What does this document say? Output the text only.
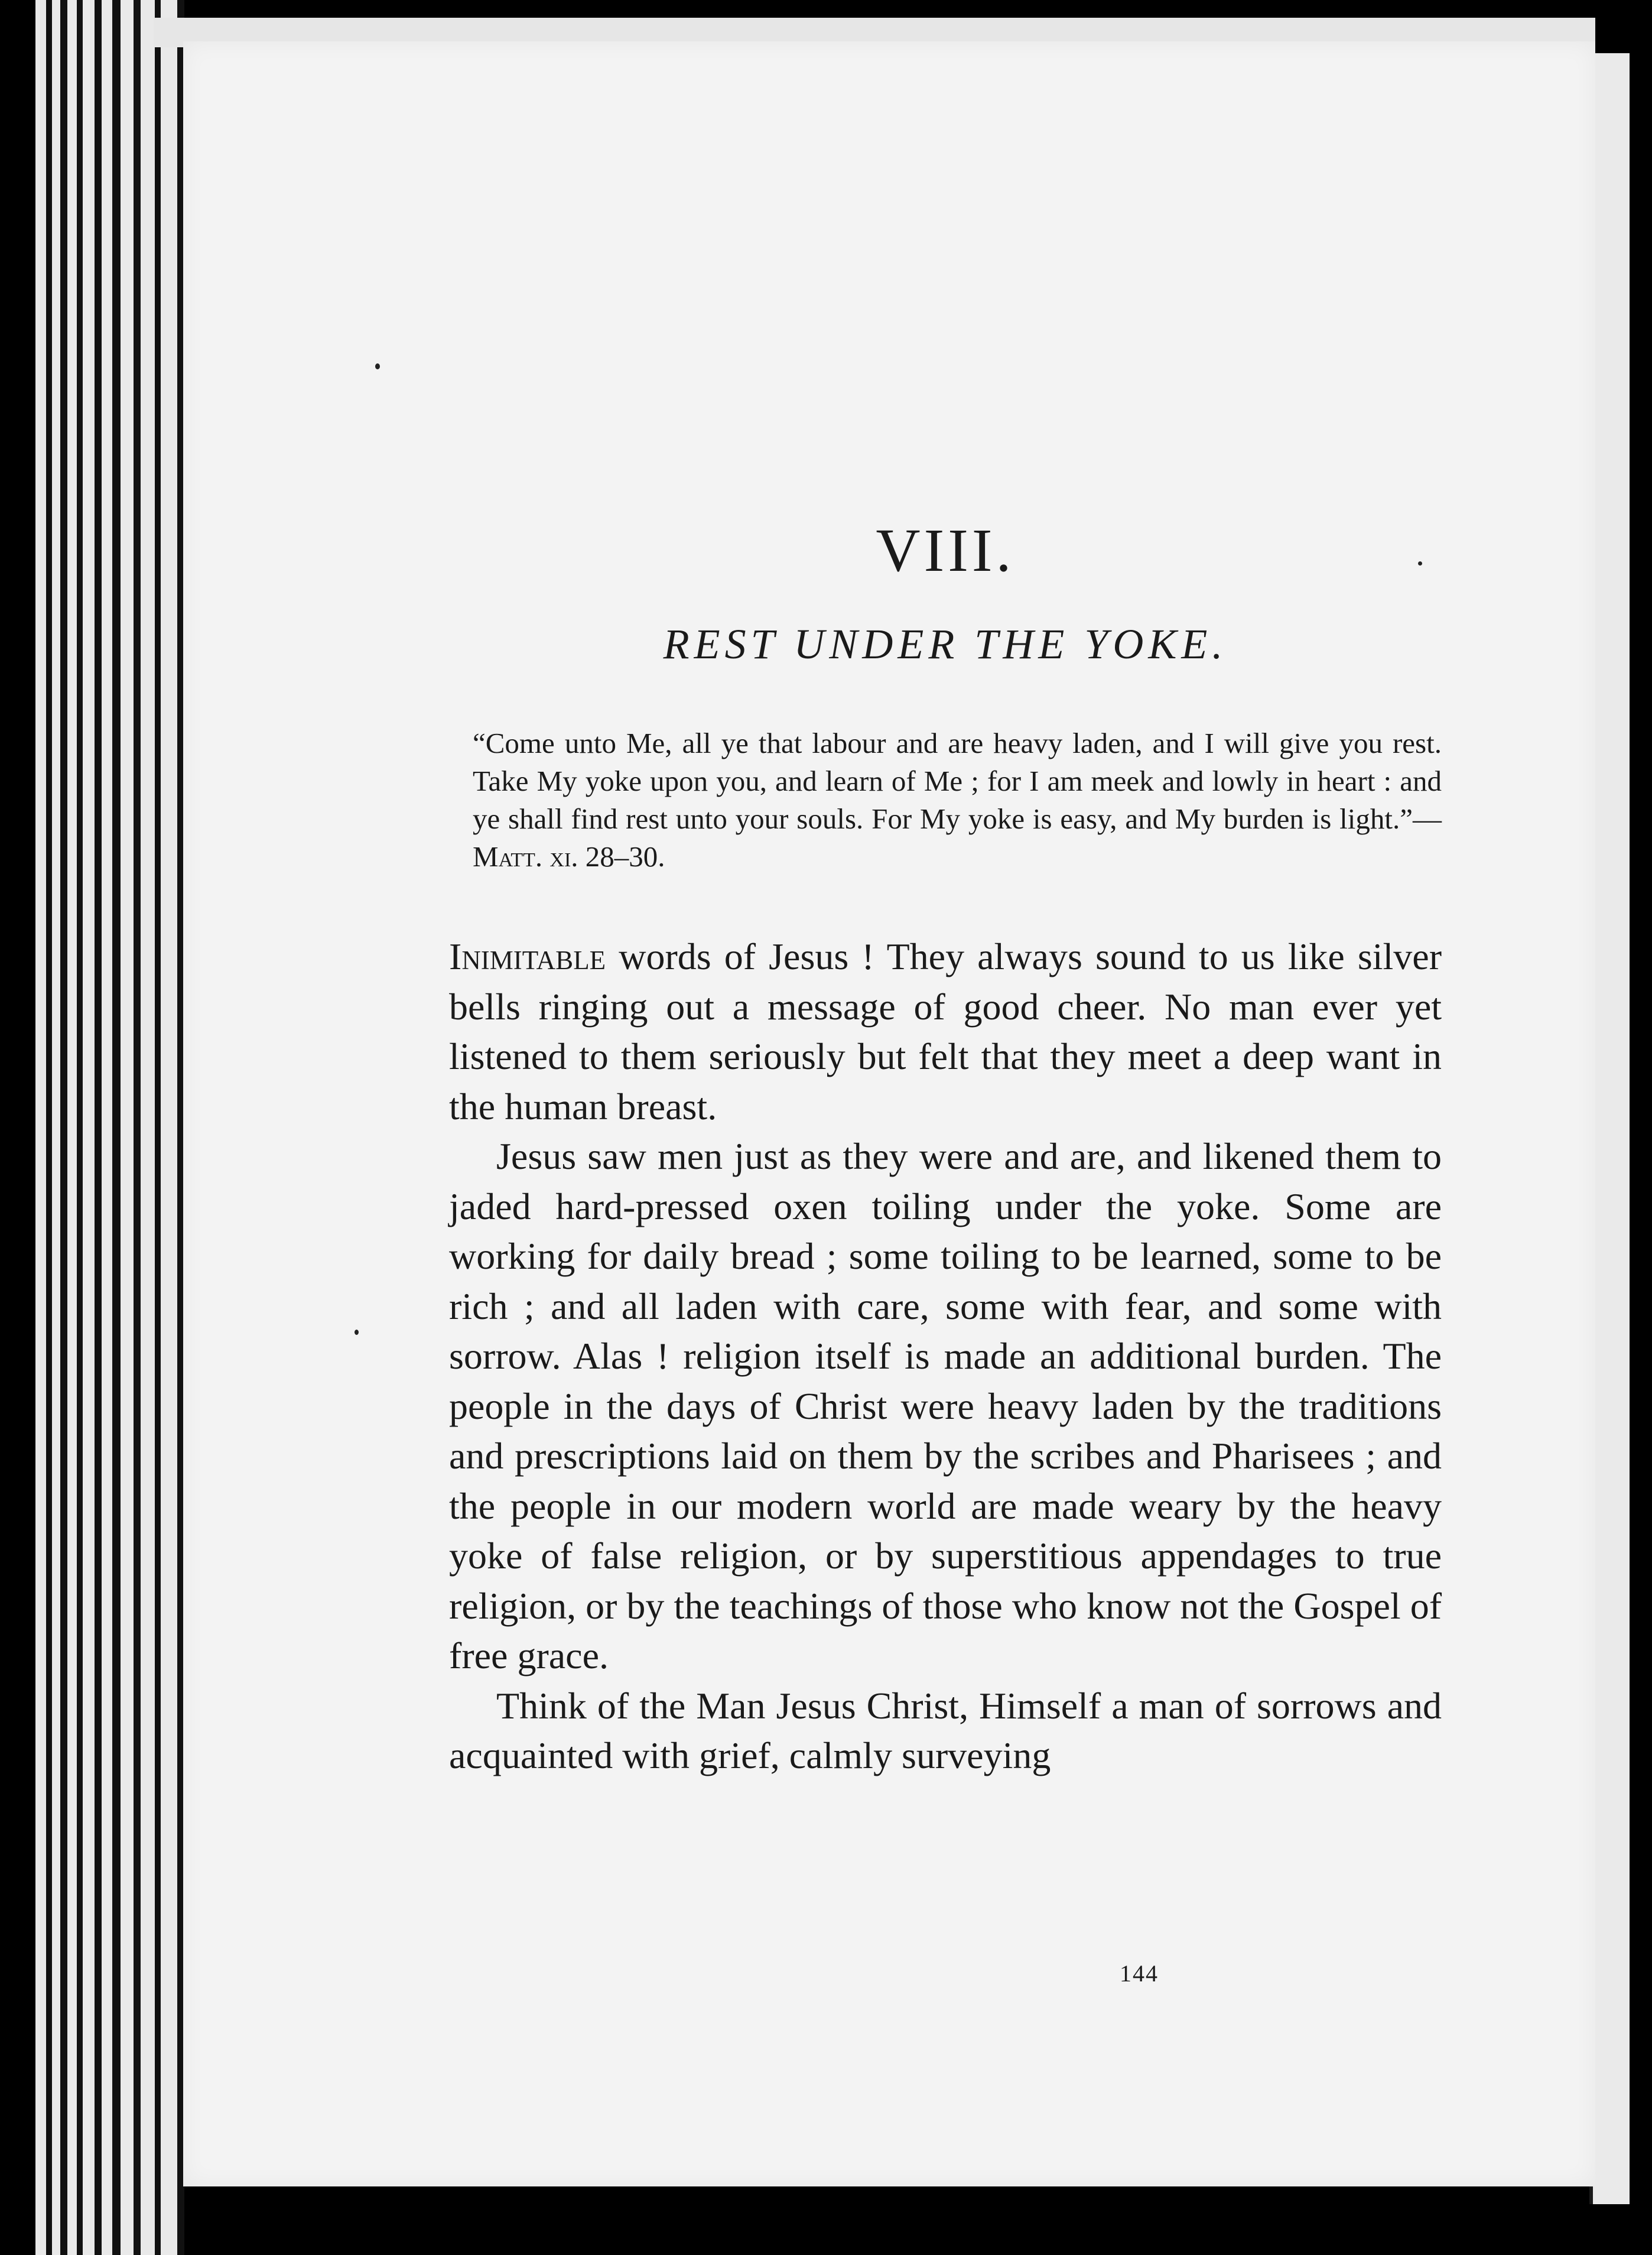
144
VIII.
REST UNDER THE YOKE.
“Come unto Me, all ye that labour and are heavy laden, and I will give you rest. Take My yoke upon you, and learn of Me ; for I am meek and lowly in heart : and ye shall find rest unto your souls. For My yoke is easy, and My burden is light.”—Matt. xi. 28–30.

Inimitable words of Jesus ! They always sound to us like silver bells ringing out a message of good cheer. No man ever yet listened to them seriously but felt that they meet a deep want in the human breast.

Jesus saw men just as they were and are, and likened them to jaded hard-pressed oxen toiling under the yoke. Some are working for daily bread ; some toiling to be learned, some to be rich ; and all laden with care, some with fear, and some with sorrow. Alas ! religion itself is made an additional burden. The people in the days of Christ were heavy laden by the traditions and prescriptions laid on them by the scribes and Pharisees ; and the people in our modern world are made weary by the heavy yoke of false religion, or by superstitious appendages to true religion, or by the teachings of those who know not the Gospel of free grace.

Think of the Man Jesus Christ, Himself a man of sorrows and acquainted with grief, calmly surveying
